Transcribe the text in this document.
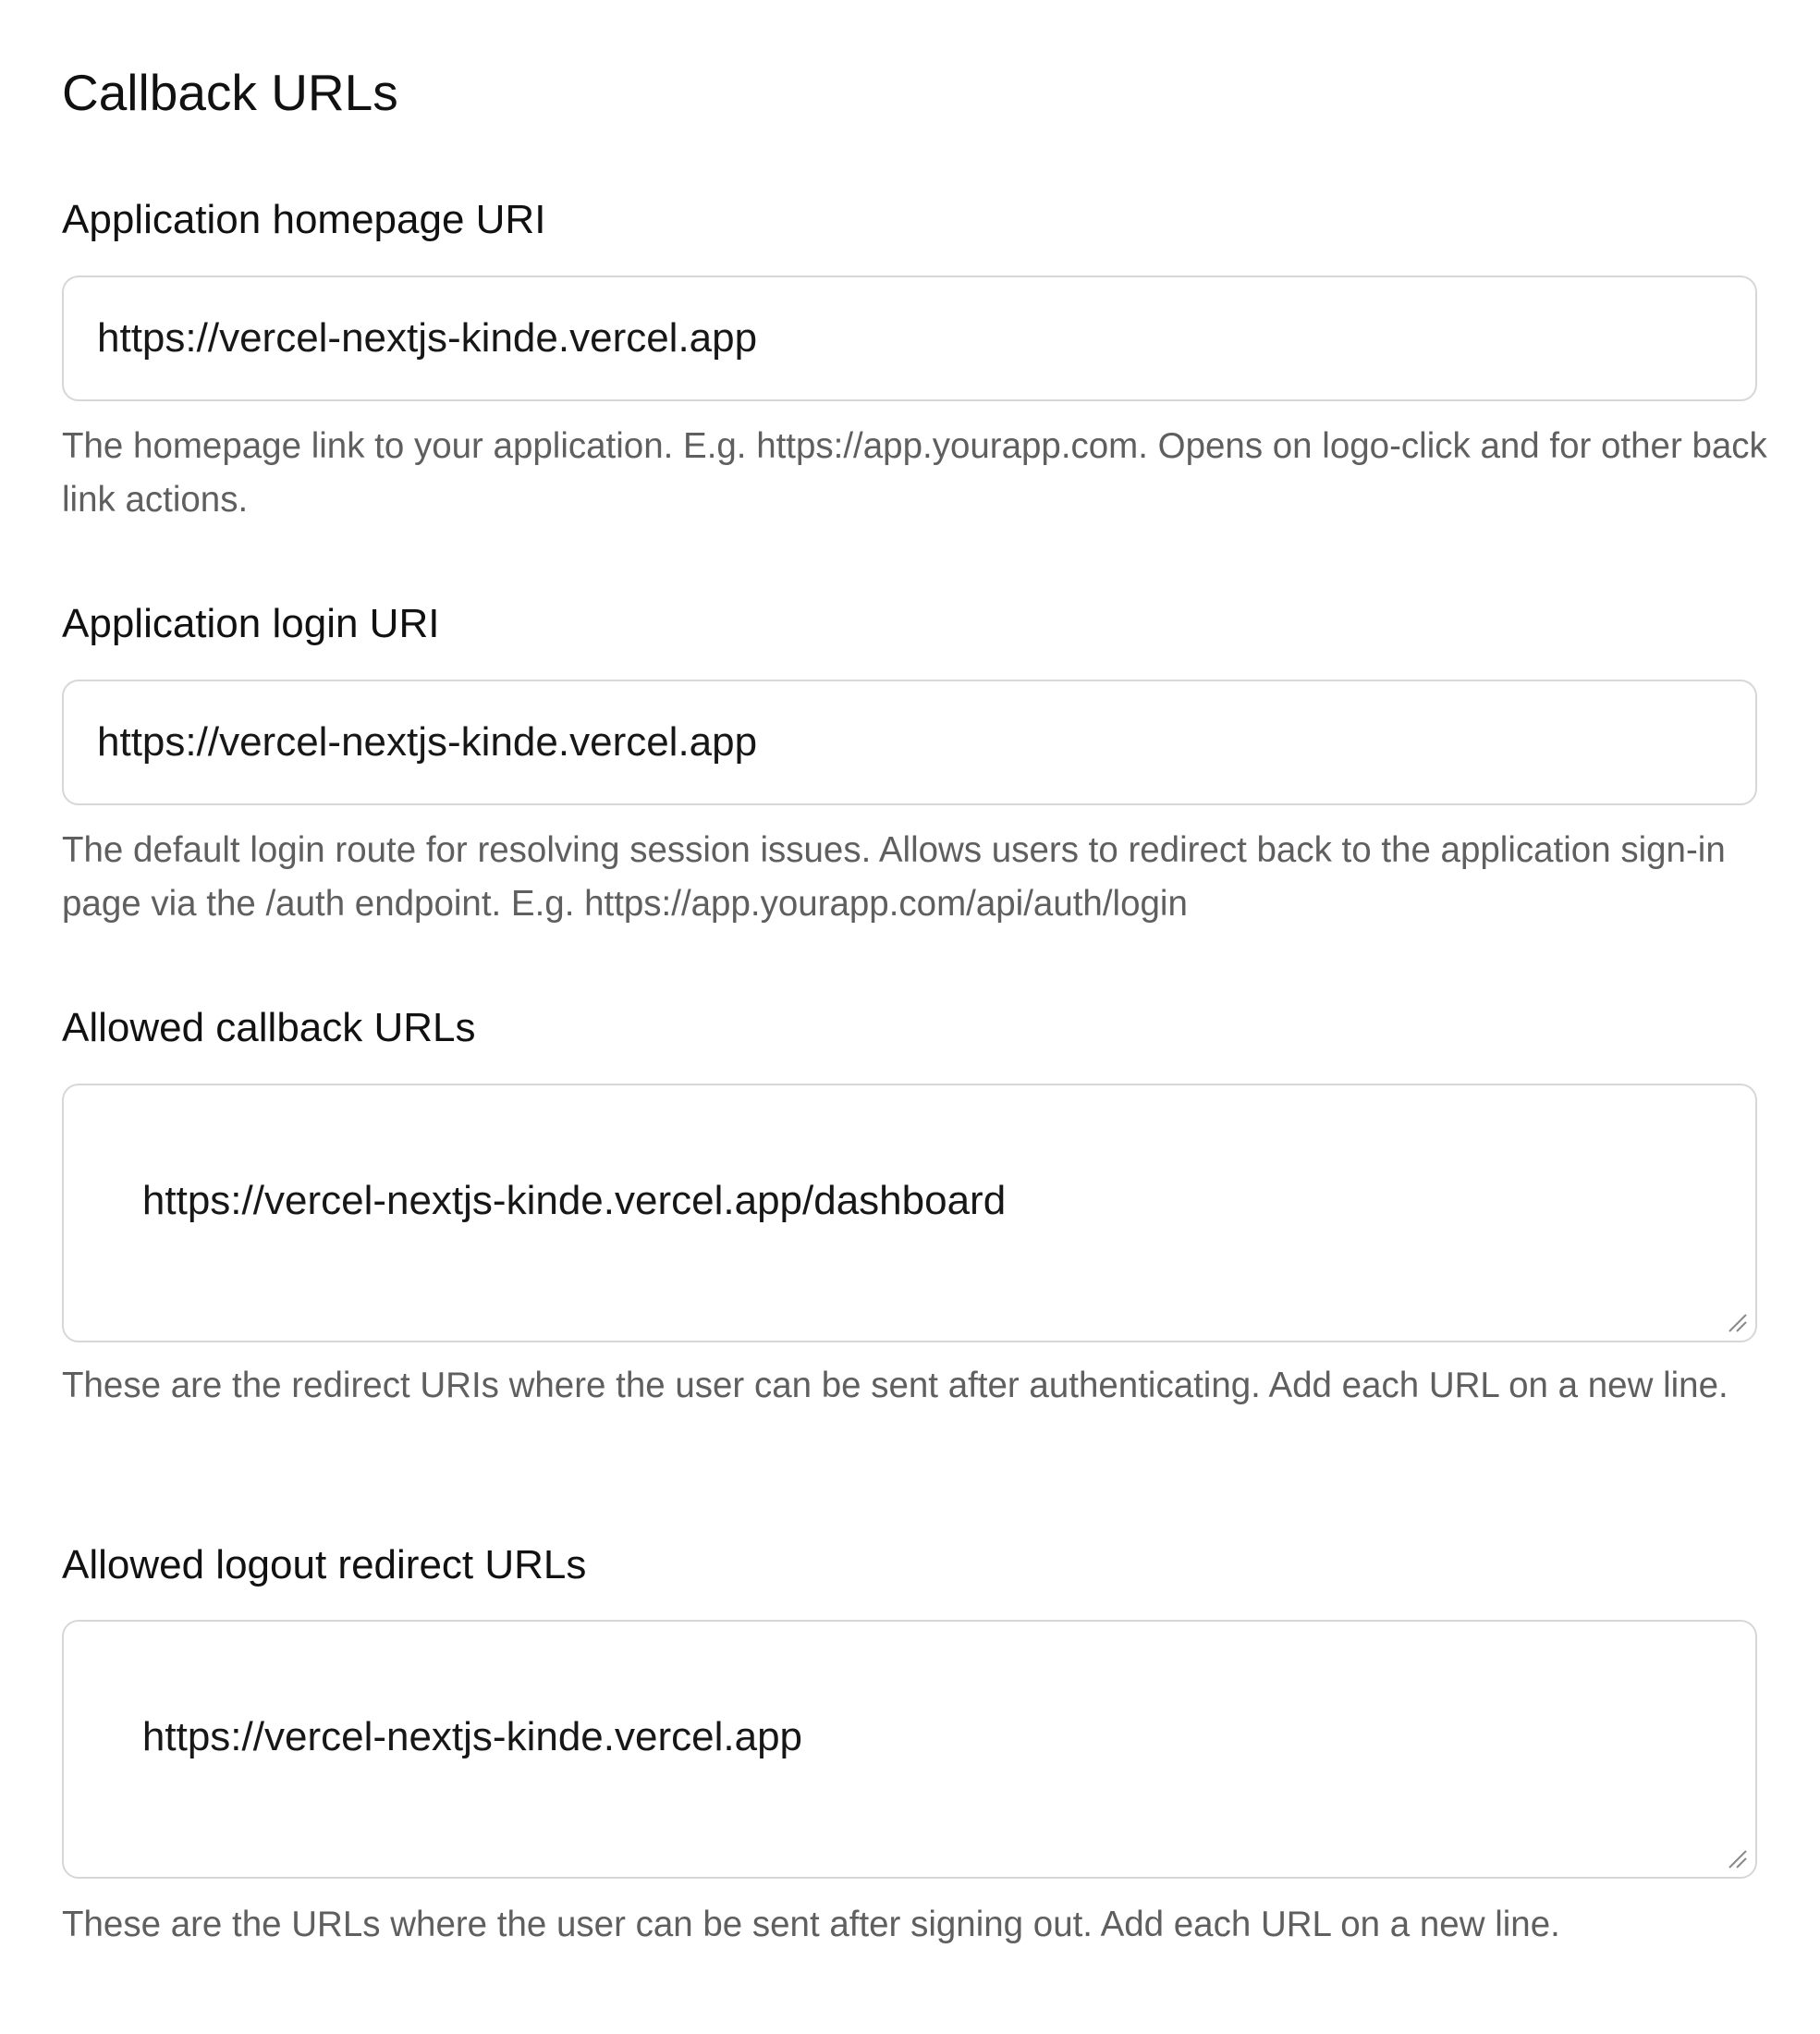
Callback URLs
Application homepage URI
https://vercel-nextjs-kinde.vercel.app

The homepage link to your application. E.g. https://app.yourapp.com. Opens on logo-click and for other back link actions.

Application login URI
https://vercel-nextjs-kinde.vercel.app

The default login route for resolving session issues. Allows users to redirect back to the application sign-in page via the /auth endpoint. E.g. https://app.yourapp.com/api/auth/login

Allowed callback URLs

https://vercel-nextjs-kinde.vercel.app/dashboard

These are the redirect URIs where the user can be sent after authenticating. Add each URL on a new line.

Allowed logout redirect URLs

https://vercel-nextjs-kinde.vercel.app

These are the URLs where the user can be sent after signing out. Add each URL on a new line.
